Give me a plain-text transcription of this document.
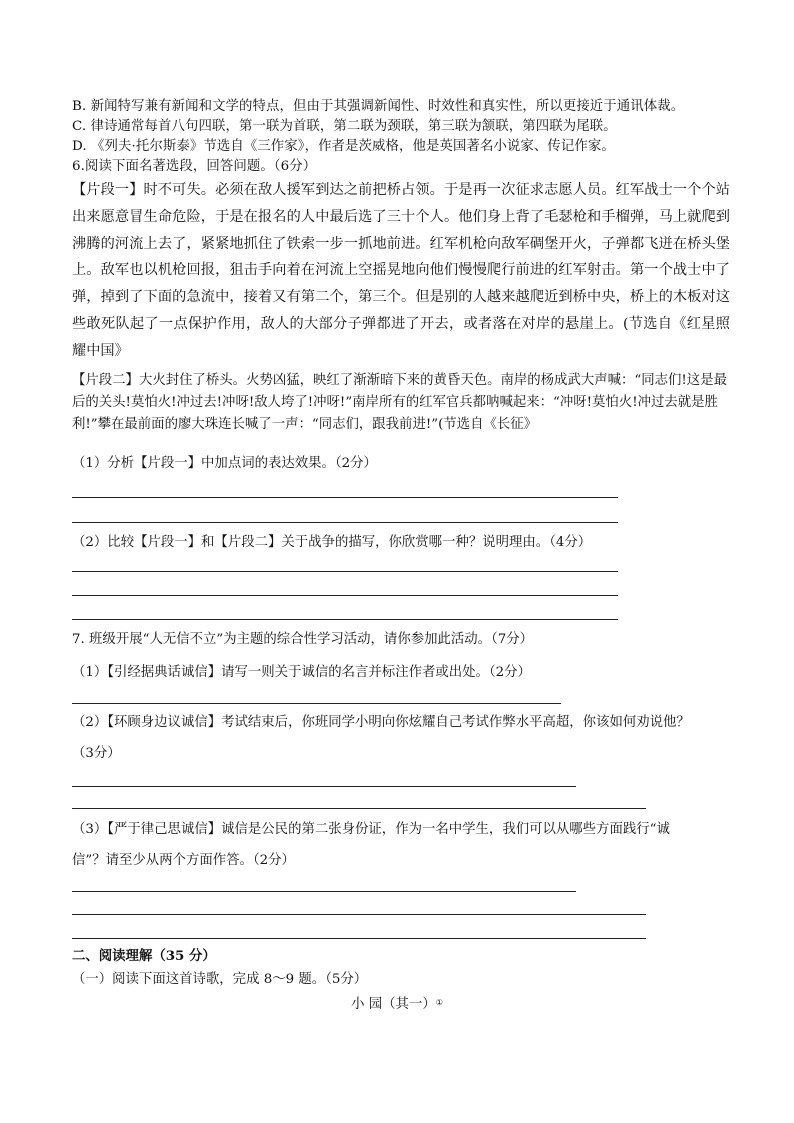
B. 新闻特写兼有新闻和文学的特点，但由于其强调新闻性、时效性和真实性，所以更接近于通讯体裁。
C. 律诗通常每首八句四联，第一联为首联，第二联为颈联，第三联为颔联，第四联为尾联。
D. 《列夫·托尔斯泰》节选自《三作家》，作者是茨威格，他是英国著名小说家、传记作家。
6.阅读下面名著选段，回答问题。（6分）
【片段一】时不可失。必须在敌人援军到达之前把桥占领。于是再一次征求志愿人员。红军战士一个个站出来愿意冒生命危险，于是在报名的人中最后选了三十个人。他们身上背了毛瑟枪和手榴弹，马上就爬到沸腾的河流上去了，紧紧地抓住了铁索一步一抓地前进。红军机枪向敌军碉堡开火，子弹都飞迸在桥头堡上。敌军也以机枪回报，狙击手向着在河流上空摇晃地向他们慢慢爬行前进的红军射击。第一个战士中了弹，掉到了下面的急流中，接着又有第二个，第三个。但是别的人越来越爬近到桥中央，桥上的木板对这些敢死队起了一点保护作用，敌人的大部分子弹都进了开去，或者落在对岸的悬崖上。(节选自《红星照耀中国》
【片段二】大火封住了桥头。火势凶猛，映红了渐渐暗下来的黄昏天色。南岸的杨成武大声喊：“同志们!这是最后的关头!莫怕火!冲过去!冲呀!敌人垮了!冲呀!”南岸所有的红军官兵都呐喊起来：“冲呀!莫怕火!冲过去就是胜利!”攀在最前面的廖大珠连长喊了一声：“同志们，跟我前进!”(节选自《长征》
（1）分析【片段一】中加点词的表达效果。（2分）
（2）比较【片段一】和【片段二】关于战争的描写，你欣赏哪一种？说明理由。（4分）
7. 班级开展“人无信不立”为主题的综合性学习活动，请你参加此活动。（7分）
（1）【引经据典话诚信】请写一则关于诚信的名言并标注作者或出处。（2分）
（2）【环顾身边议诚信】考试结束后，你班同学小明向你炫耀自己考试作弊水平高超，你该如何劝说他？
（3分）
（3）【严于律己思诚信】诚信是公民的第二张身份证，作为一名中学生，我们可以从哪些方面践行“诚
信”？请至少从两个方面作答。（2分）
二、阅读理解（35 分）
（一）阅读下面这首诗歌，完成 8～9 题。（5分）
小 园（其一）①
